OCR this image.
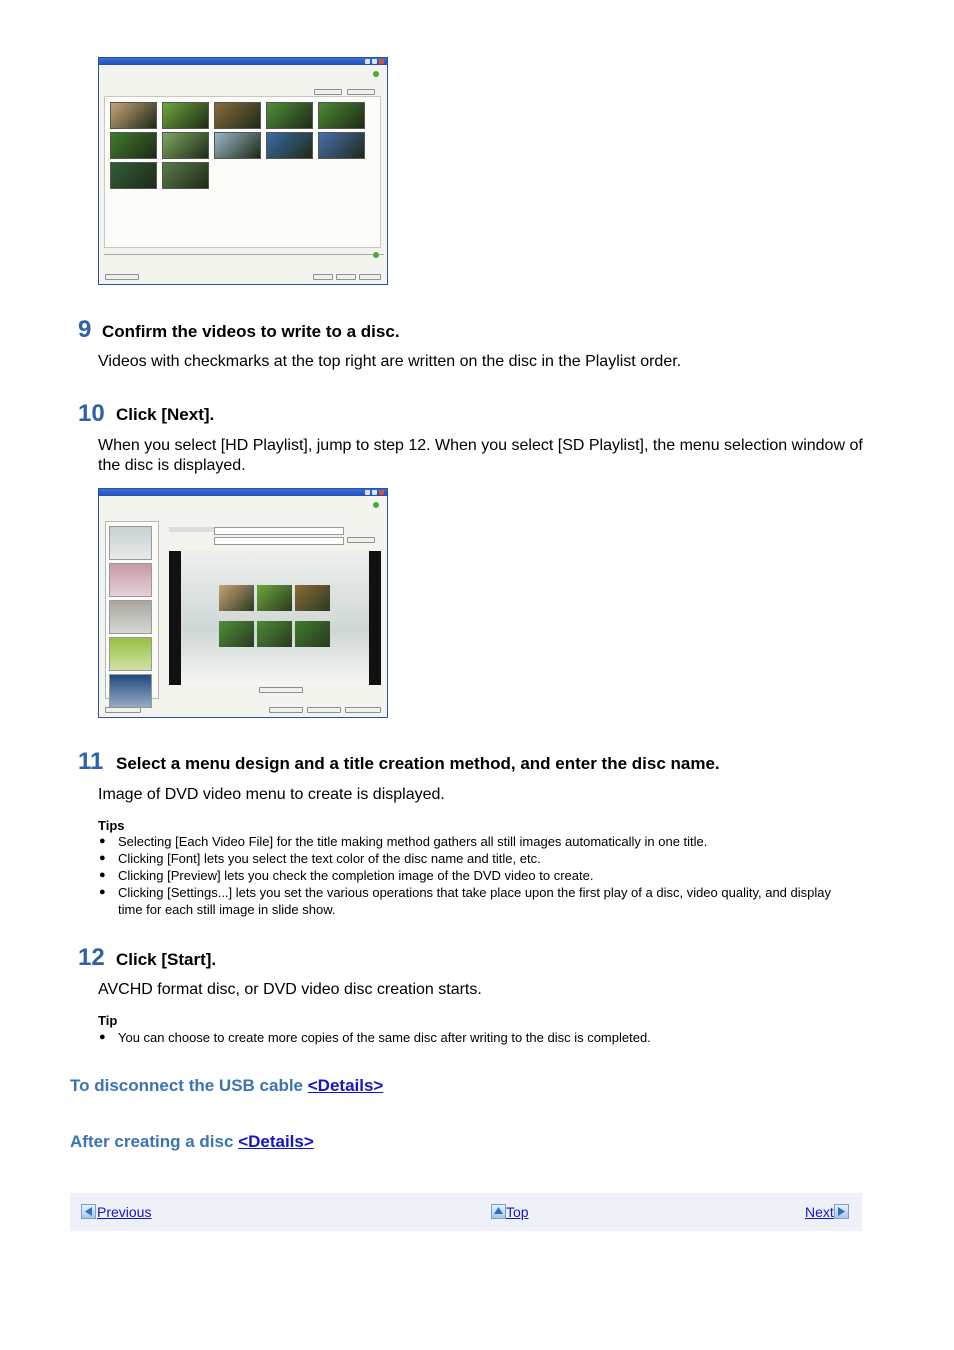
9 Confirm the videos to write to a disc.
Videos with checkmarks at the top right are written on the disc in the Playlist order.
10 Click [Next].
When you select [HD Playlist], jump to step 12. When you select [SD Playlist], the menu selection window of the disc is displayed.
11 Select a menu design and a title creation method, and enter the disc name.
Image of DVD video menu to create is displayed.
Tips
● Selecting [Each Video File] for the title making method gathers all still images automatically in one title.
● Clicking [Font] lets you select the text color of the disc name and title, etc.
● Clicking [Preview] lets you check the completion image of the DVD video to create.
● Clicking [Settings...] lets you set the various operations that take place upon the first play of a disc, video quality, and display time for each still image in slide show.
12 Click [Start].
AVCHD format disc, or DVD video disc creation starts.
Tip
● You can choose to create more copies of the same disc after writing to the disc is completed.
To disconnect the USB cable <Details>
After creating a disc <Details>
Previous	Top	Next
